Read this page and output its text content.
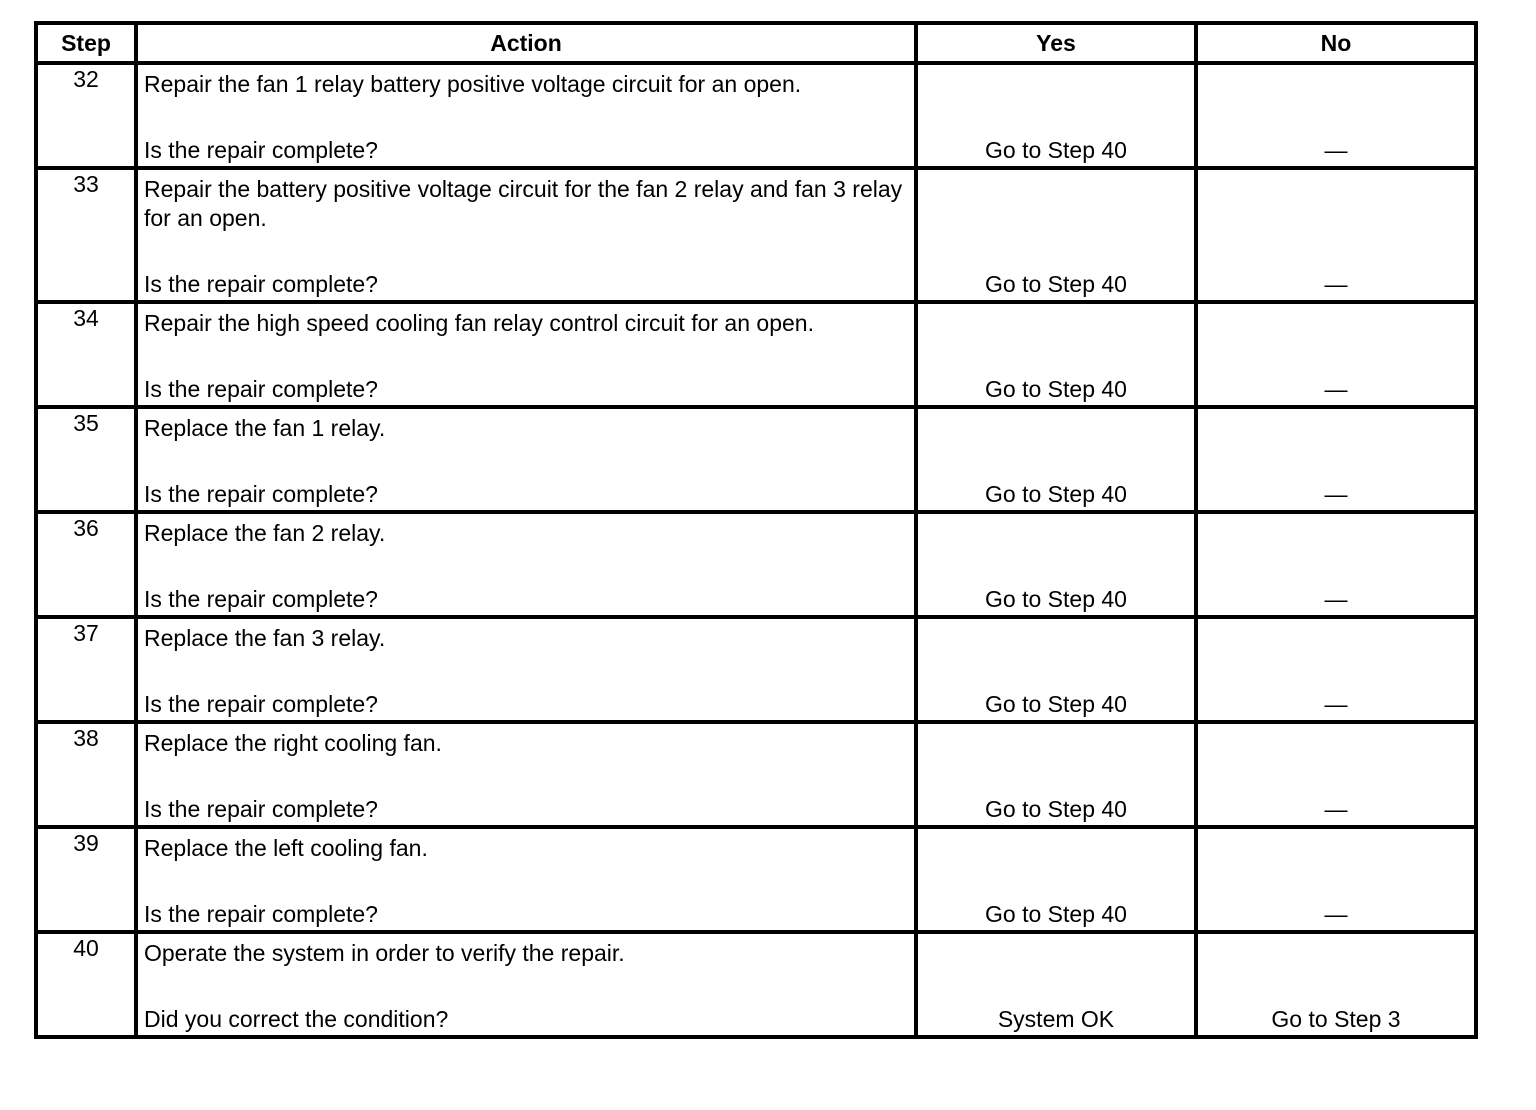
Step	Action	Yes	No
32	Repair the fan 1 relay battery positive voltage circuit for an open.
Is the repair complete?	Go to Step 40	—

33	Repair the battery positive voltage circuit for the fan 2 relay and fan 3 relay for an open.
Is the repair complete?	Go to Step 40	—

34	Repair the high speed cooling fan relay control circuit for an open.
Is the repair complete?	Go to Step 40	—

35	Replace the fan 1 relay.
Is the repair complete?	Go to Step 40	—

36	Replace the fan 2 relay.
Is the repair complete?	Go to Step 40	—

37	Replace the fan 3 relay.
Is the repair complete?	Go to Step 40	—

38	Replace the right cooling fan.
Is the repair complete?	Go to Step 40	—

39	Replace the left cooling fan.
Is the repair complete?	Go to Step 40	—

40	Operate the system in order to verify the repair.
Did you correct the condition?	System OK	Go to Step 3
